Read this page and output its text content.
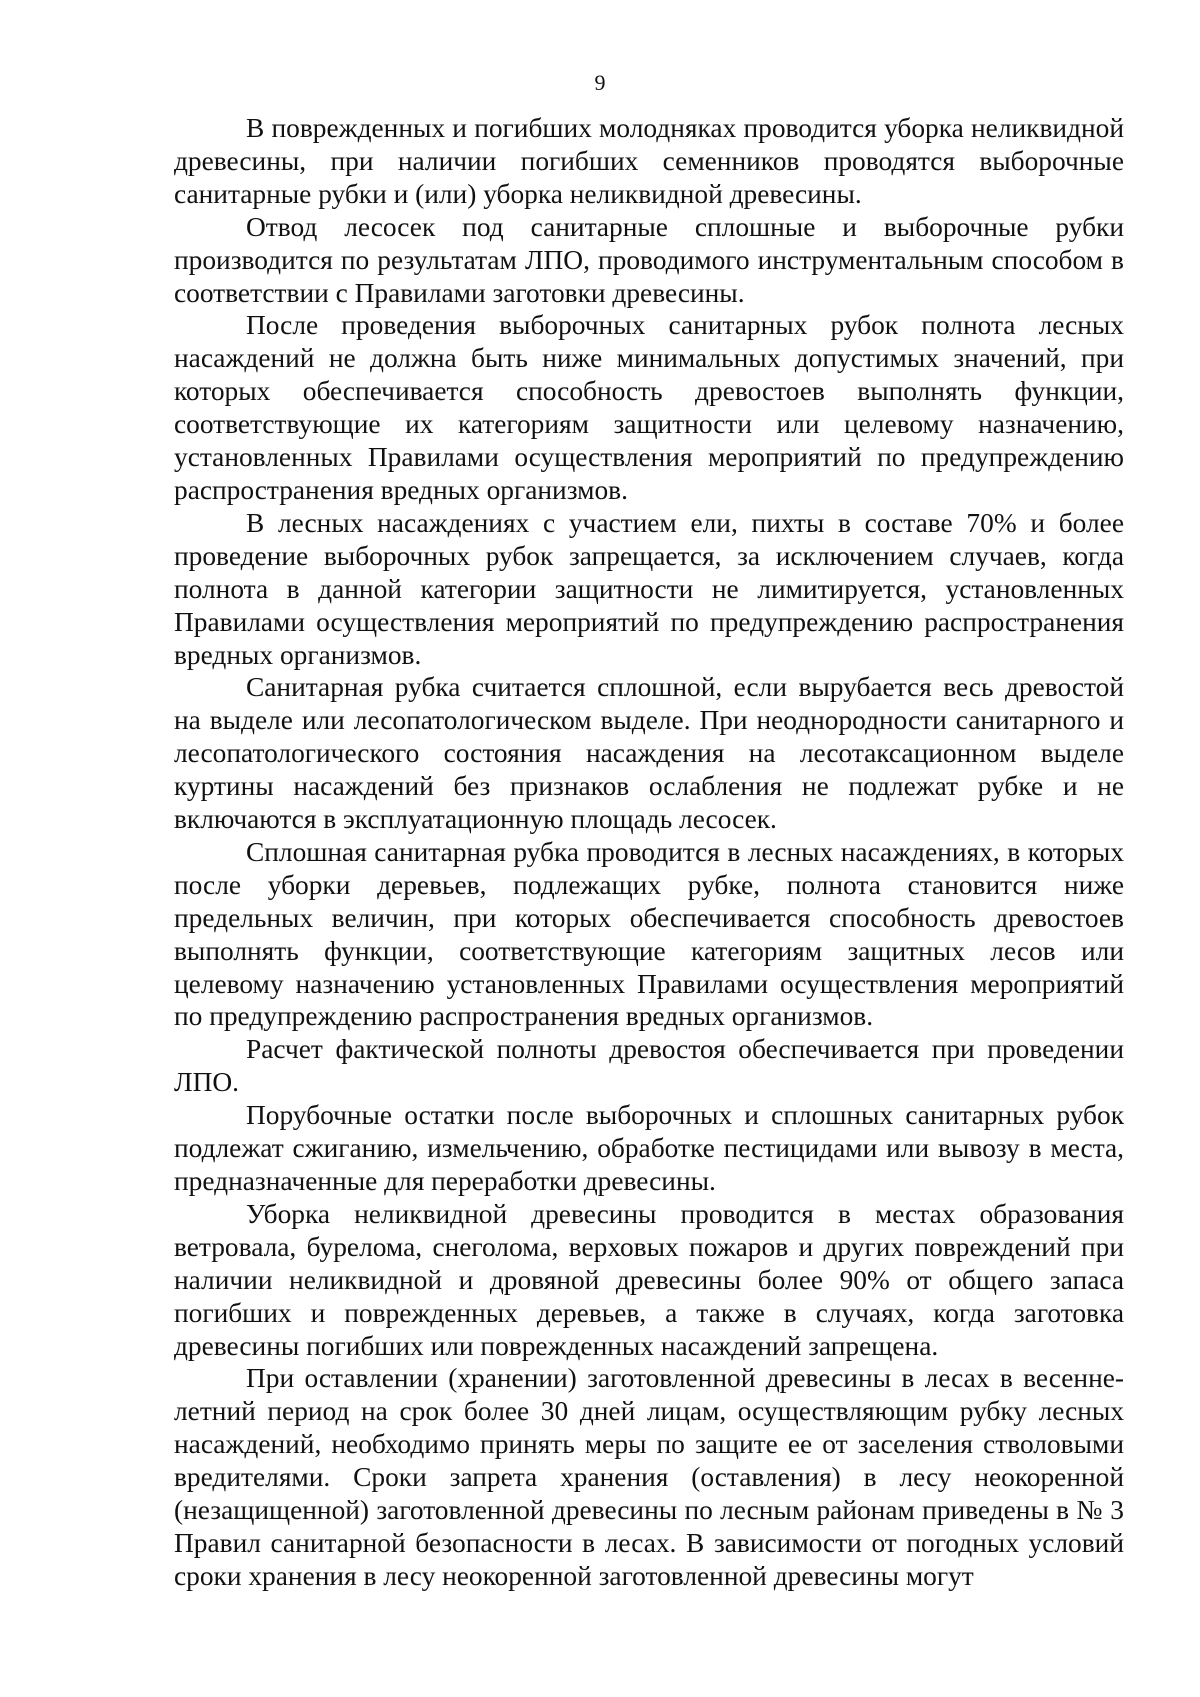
9

В поврежденных и погибших молодняках проводится уборка неликвидной древесины, при наличии погибших семенников проводятся выборочные санитарные рубки и (или) уборка неликвидной древесины.

Отвод лесосек под санитарные сплошные и выборочные рубки производится по результатам ЛПО, проводимого инструментальным способом в соответствии с Правилами заготовки древесины.

После проведения выборочных санитарных рубок полнота лесных насаждений не должна быть ниже минимальных допустимых значений, при которых обеспечивается способность древостоев выполнять функции, соответствующие их категориям защитности или целевому назначению, установленных Правилами осуществления мероприятий по предупреждению распространения вредных организмов.

В лесных насаждениях с участием ели, пихты в составе 70% и более проведение выборочных рубок запрещается, за исключением случаев, когда полнота в данной категории защитности не лимитируется, установленных Правилами осуществления мероприятий по предупреждению распространения вредных организмов.

Санитарная рубка считается сплошной, если вырубается весь древостой на выделе или лесопатологическом выделе. При неоднородности санитарного и лесопатологического состояния насаждения на лесотаксационном выделе куртины насаждений без признаков ослабления не подлежат рубке и не включаются в эксплуатационную площадь лесосек.

Сплошная санитарная рубка проводится в лесных насаждениях, в которых после уборки деревьев, подлежащих рубке, полнота становится ниже предельных величин, при которых обеспечивается способность древостоев выполнять функции, соответствующие категориям защитных лесов или целевому назначению установленных Правилами осуществления мероприятий по предупреждению распространения вредных организмов.

Расчет фактической полноты древостоя обеспечивается при проведении ЛПО.

Порубочные остатки после выборочных и сплошных санитарных рубок подлежат сжиганию, измельчению, обработке пестицидами или вывозу в места, предназначенные для переработки древесины.

Уборка неликвидной древесины проводится в местах образования ветровала, бурелома, снеголома, верховых пожаров и других повреждений при наличии неликвидной и дровяной древесины более 90% от общего запаса погибших и поврежденных деревьев, а также в случаях, когда заготовка древесины погибших или поврежденных насаждений запрещена.

При оставлении (хранении) заготовленной древесины в лесах в весенне-летний период на срок более 30 дней лицам, осуществляющим рубку лесных насаждений, необходимо принять меры по защите ее от заселения стволовыми вредителями. Сроки запрета хранения (оставления) в лесу неокоренной (незащищенной) заготовленной древесины по лесным районам приведены в № 3 Правил санитарной безопасности в лесах. В зависимости от погодных условий сроки хранения в лесу неокоренной заготовленной древесины могут
